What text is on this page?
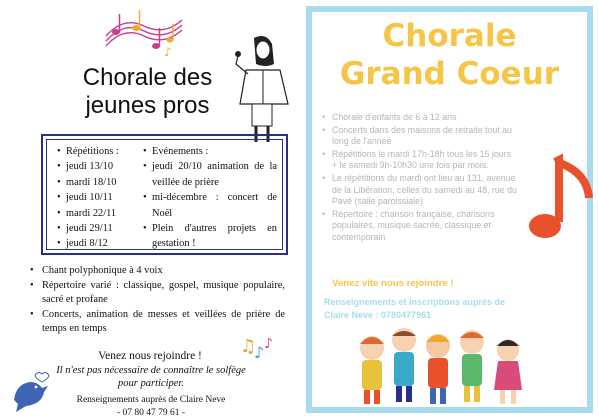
♪
Chorale des jeunes pros
• Répétitions :
• jeudi 13/10
• mardi 18/10
• jeudi 10/11
• mardi 22/11
• jeudi 29/11
• jeudi 8/12
• Evénements :
• jeudi 20/10 animation de la veillée de prière
• mi-décembre : concert de Noël
• Plein d'autres projets en gestation !
• Chant polyphonique à 4 voix
• Répertoire varié : classique, gospel, musique populaire, sacré et profane
• Concerts, animation de messes et veillées de prière de temps en temps
♫
♪ ♪
Venez nous rejoindre !
Il n'est pas nécessaire de connaître le solfège pour participer.
Renseignements auprès de Claire Neve
- 07 80 47 79 61 -
Chorale
Grand Coeur
• Chorale d'enfants de 6 à 12 ans
• Concerts dans des maisons de retraite tout au long de l'année
• Répétitions le mardi 17h-18h tous les 15 jours + le samedi 9h-10h30 une fois par mois.
• Le répétitions du mardi ont lieu au 131, avenue de la Libération, celles du samedi au 48, rue du Pavé (salle paroissiale)
• Répertoire : chanson française, chansons populaires, musique sacrée, classique et contemporain
Venez vite nous rejoindre !
Renseignements et inscriptions auprès de Claire Neve : 0780477961
